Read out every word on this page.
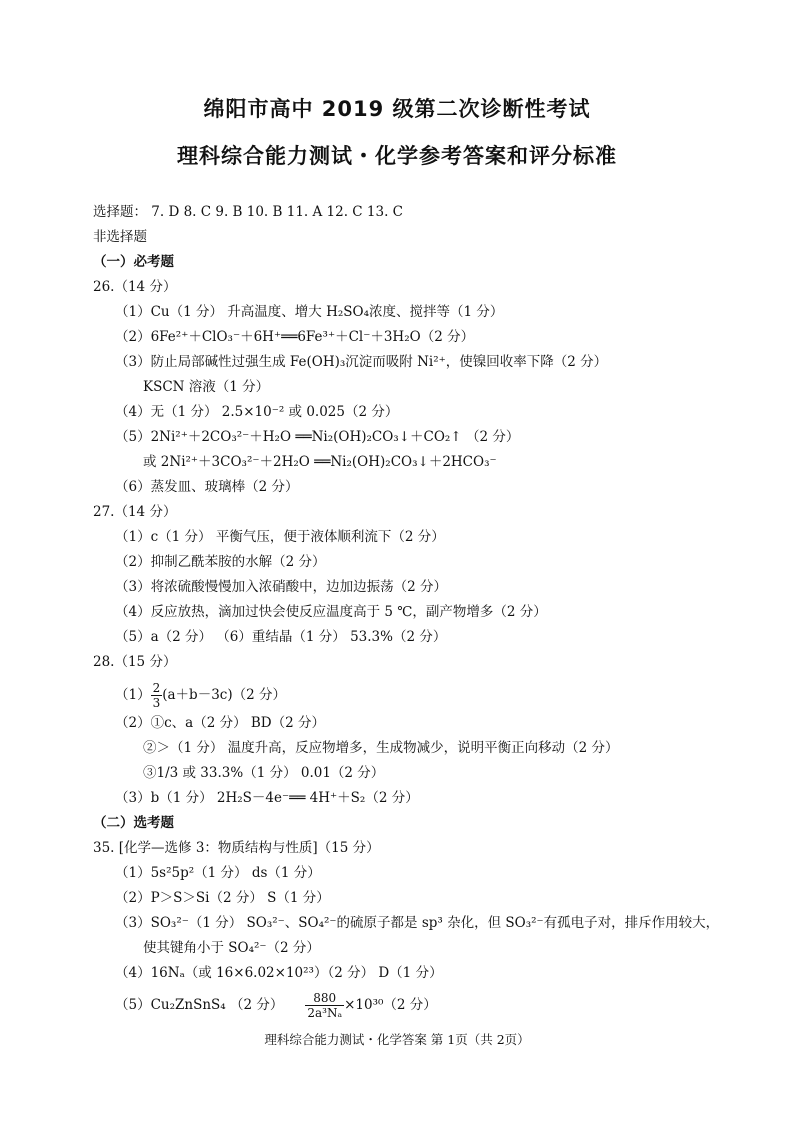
绵阳市高中 2019 级第二次诊断性考试
理科综合能力测试・化学参考答案和评分标准
选择题： 7. D 8. C 9. B 10. B 11. A 12. C 13. C
非选择题
（一）必考题
26.（14 分）
（1）Cu（1 分） 升高温度、增大 H₂SO₄浓度、搅拌等（1 分）
（2）6Fe²⁺＋ClO₃⁻＋6H⁺══6Fe³⁺＋Cl⁻＋3H₂O（2 分）
（3）防止局部碱性过强生成 Fe(OH)₃沉淀而吸附 Ni²⁺，使镍回收率下降（2 分）
KSCN 溶液（1 分）
（4）无（1 分） 2.5×10⁻² 或 0.025（2 分）
（5）2Ni²⁺＋2CO₃²⁻＋H₂O ══Ni₂(OH)₂CO₃↓＋CO₂↑ （2 分）
或 2Ni²⁺＋3CO₃²⁻＋2H₂O ══Ni₂(OH)₂CO₃↓＋2HCO₃⁻
（6）蒸发皿、玻璃棒（2 分）
27.（14 分）
（1）c（1 分） 平衡气压，便于液体顺利流下（2 分）
（2）抑制乙酰苯胺的水解（2 分）
（3）将浓硫酸慢慢加入浓硝酸中，边加边振荡（2 分）
（4）反应放热，滴加过快会使反应温度高于 5 ℃，副产物增多（2 分）
（5）a（2 分） （6）重结晶（1 分） 53.3%（2 分）
28.（15 分）
$(1) \frac{2}{3} (a+b-3c)(2$ 分）
（2）①c、a（2 分） BD（2 分）
②＞（1 分） 温度升高，反应物增多，生成物减少，说明平衡正向移动（2 分）
③1/3 或 33.3%（1 分） 0.01（2 分）
（3）b（1 分） 2H₂S－4e⁻══ 4H⁺＋S₂（2 分）
（二）选考题
35. [化学—选修 3：物质结构与性质]（15 分）
（1）5s²5p²（1 分） ds（1 分）
（2）P＞S＞Si（2 分） S（1 分）
（3）SO₃²⁻（1 分） SO₃²⁻、SO₄²⁻的硫原子都是 sp³ 杂化，但 SO₃²⁻有孤电子对，排斥作用较大，
使其键角小于 SO₄²⁻（2 分）
（4）16Nₐ（或 16×6.02×10²³）（2 分） D（1 分）
（5）Cu₂ZnSnS₄ （2 分） $\frac{880}{\text{2a³Nₐ}} \times 10^{30}(2$ 分）
理科综合能力测试・化学答案 第 1页（共 2页）
